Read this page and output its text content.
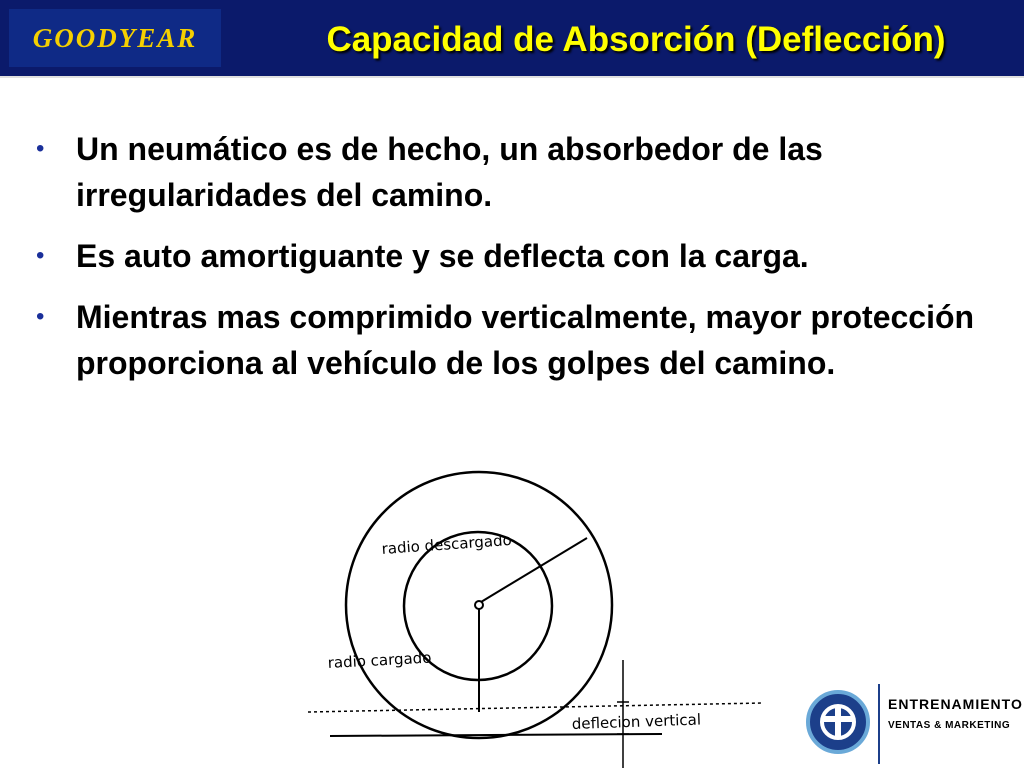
GOODYEAR	Capacidad de Absorción (Deflección)
• Un neumático es de hecho, un absorbedor de las irregularidades del camino.
• Es auto amortiguante y se deflecta con la carga.
• Mientras mas comprimido verticalmente, mayor protección proporciona al vehículo de los golpes del camino.
radio descargado
radio cargado
deflecion vertical
ENTRENAMIENTO
VENTAS & MARKETING
